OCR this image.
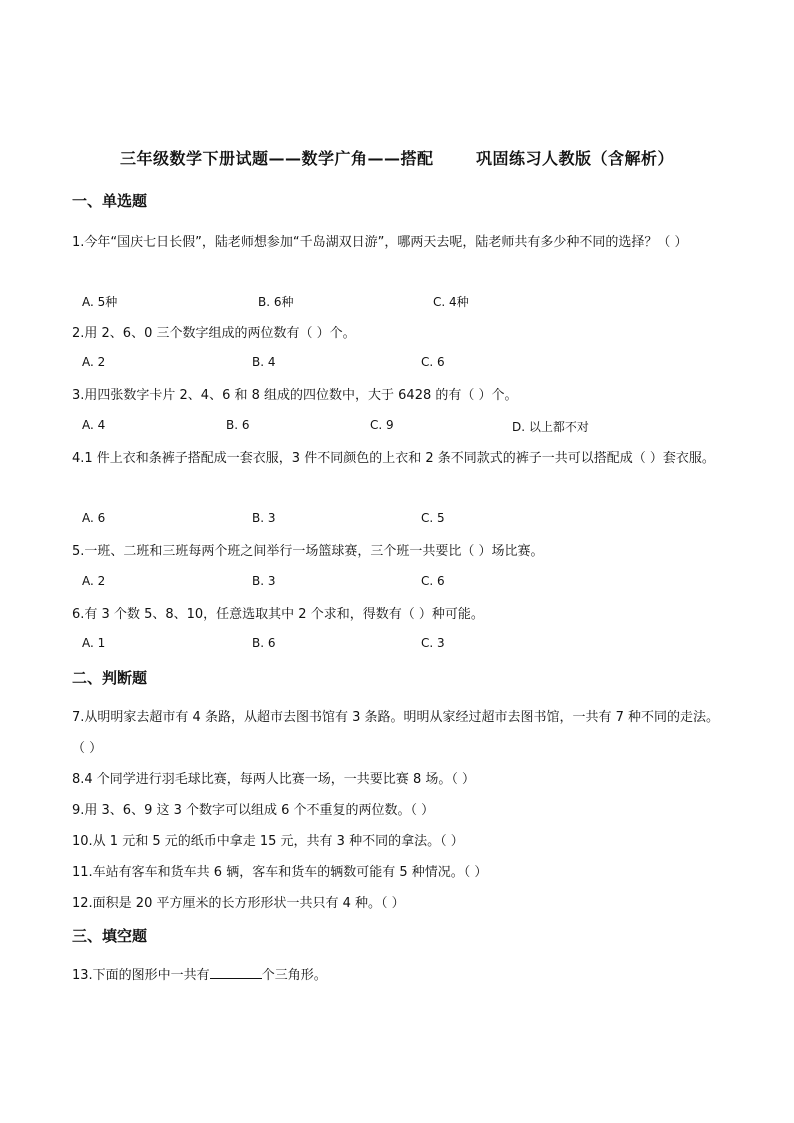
三年级数学下册试题——数学广角——搭配       巩固练习人教版（含解析）
一、单选题
1.今年“国庆七日长假”，陆老师想参加“千岛湖双日游”，哪两天去呢，陆老师共有多少种不同的选择？（ ）
A. 5种	B. 6种	C. 4种
2.用 2、6、0 三个数字组成的两位数有（ ）个。
A. 2	B. 4	C. 6
3.用四张数字卡片 2、4、6 和 8 组成的四位数中，大于 6428 的有（ ）个。
A. 4	B. 6	C. 9	D. 以上都不对
4.1 件上衣和条裤子搭配成一套衣服，3 件不同颜色的上衣和 2 条不同款式的裤子一共可以搭配成（ ）套衣服。
A. 6	B. 3	C. 5
5.一班、二班和三班每两个班之间举行一场篮球赛，三个班一共要比（ ）场比赛。
A. 2	B. 3	C. 6
6.有 3 个数 5、8、10，任意选取其中 2 个求和，得数有（ ）种可能。
A. 1	B. 6	C. 3
二、判断题
7.从明明家去超市有 4 条路，从超市去图书馆有 3 条路。明明从家经过超市去图书馆，一共有 7 种不同的走法。（ ）
8.4 个同学进行羽毛球比赛，每两人比赛一场，一共要比赛 8 场。（ ）
9.用 3、6、9 这 3 个数字可以组成 6 个不重复的两位数。（ ）
10.从 1 元和 5 元的纸币中拿走 15 元，共有 3 种不同的拿法。（ ）
11.车站有客车和货车共 6 辆，客车和货车的辆数可能有 5 种情况。（ ）
12.面积是 20 平方厘米的长方形形状一共只有 4 种。（ ）
三、填空题
13.下面的图形中一共有	个三角形。
